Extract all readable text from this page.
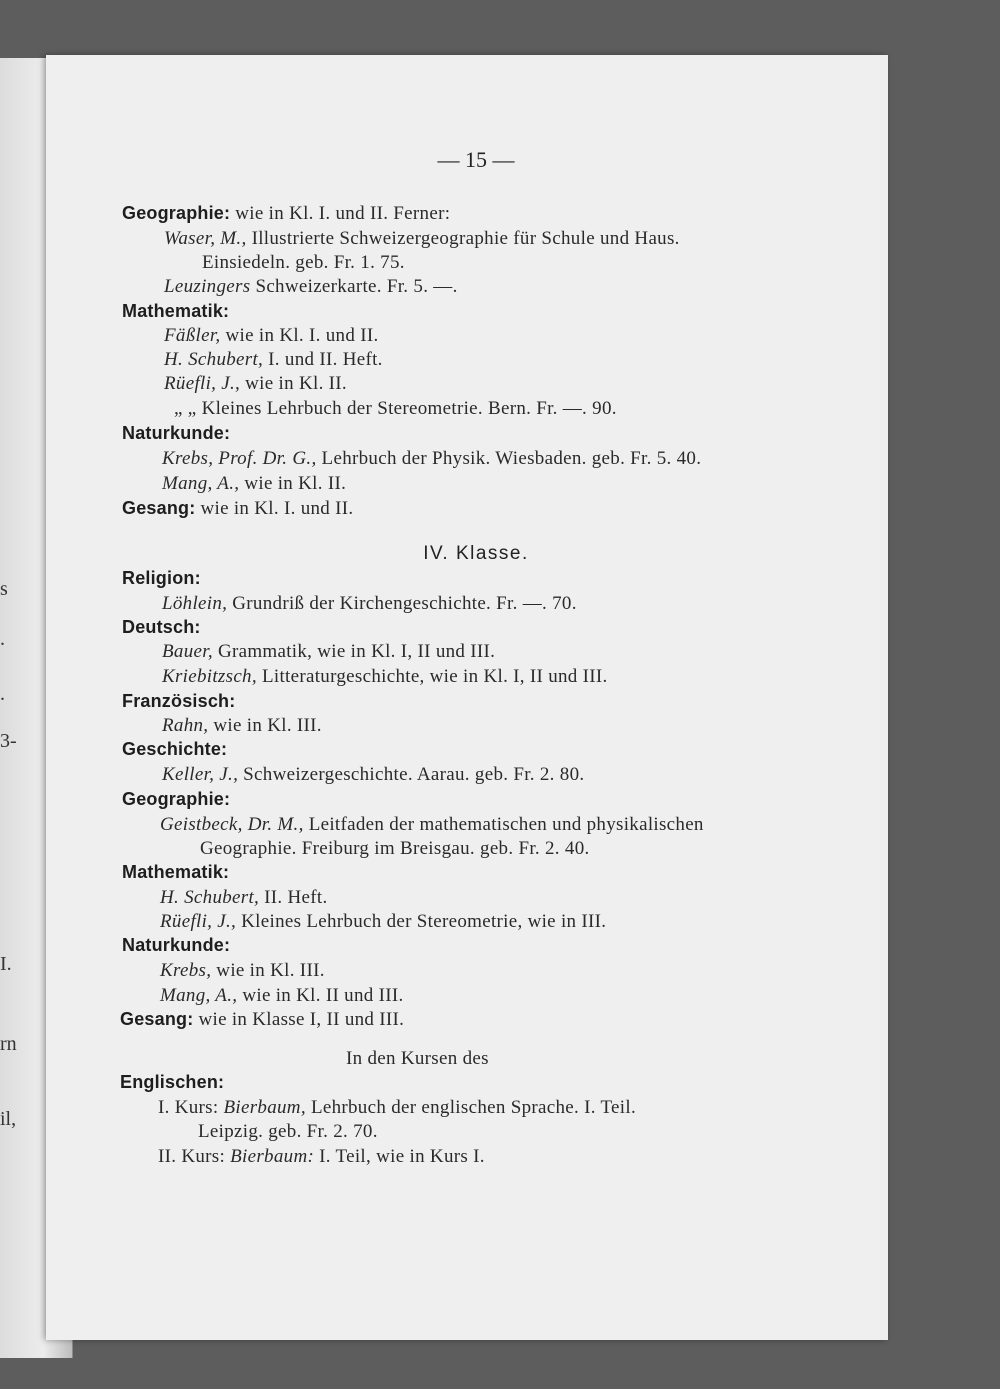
s
.
.
3-
I.
rn
il,
— 15 —
Geographie: wie in Kl. I. und II. Ferner:
Waser, M., Illustrierte Schweizergeographie für Schule und Haus.
Einsiedeln. geb. Fr. 1. 75.
Leuzingers Schweizerkarte. Fr. 5. —.
Mathematik:
Fäßler, wie in Kl. I. und II.
H. Schubert, I. und II. Heft.
Rüefli, J., wie in Kl. II.
„ „ Kleines Lehrbuch der Stereometrie. Bern. Fr. —. 90.
Naturkunde:
Krebs, Prof. Dr. G., Lehrbuch der Physik. Wiesbaden. geb. Fr. 5. 40.
Mang, A., wie in Kl. II.
Gesang: wie in Kl. I. und II.
IV. Klasse.
Religion:
Löhlein, Grundriß der Kirchengeschichte. Fr. —. 70.
Deutsch:
Bauer, Grammatik, wie in Kl. I, II und III.
Kriebitzsch, Litteraturgeschichte, wie in Kl. I, II und III.
Französisch:
Rahn, wie in Kl. III.
Geschichte:
Keller, J., Schweizergeschichte. Aarau. geb. Fr. 2. 80.
Geographie:
Geistbeck, Dr. M., Leitfaden der mathematischen und physikalischen
Geographie. Freiburg im Breisgau. geb. Fr. 2. 40.
Mathematik:
H. Schubert, II. Heft.
Rüefli, J., Kleines Lehrbuch der Stereometrie, wie in III.
Naturkunde:
Krebs, wie in Kl. III.
Mang, A., wie in Kl. II und III.
Gesang: wie in Klasse I, II und III.
In den Kursen des
Englischen:
I. Kurs: Bierbaum, Lehrbuch der englischen Sprache. I. Teil.
Leipzig. geb. Fr. 2. 70.
II. Kurs: Bierbaum: I. Teil, wie in Kurs I.
